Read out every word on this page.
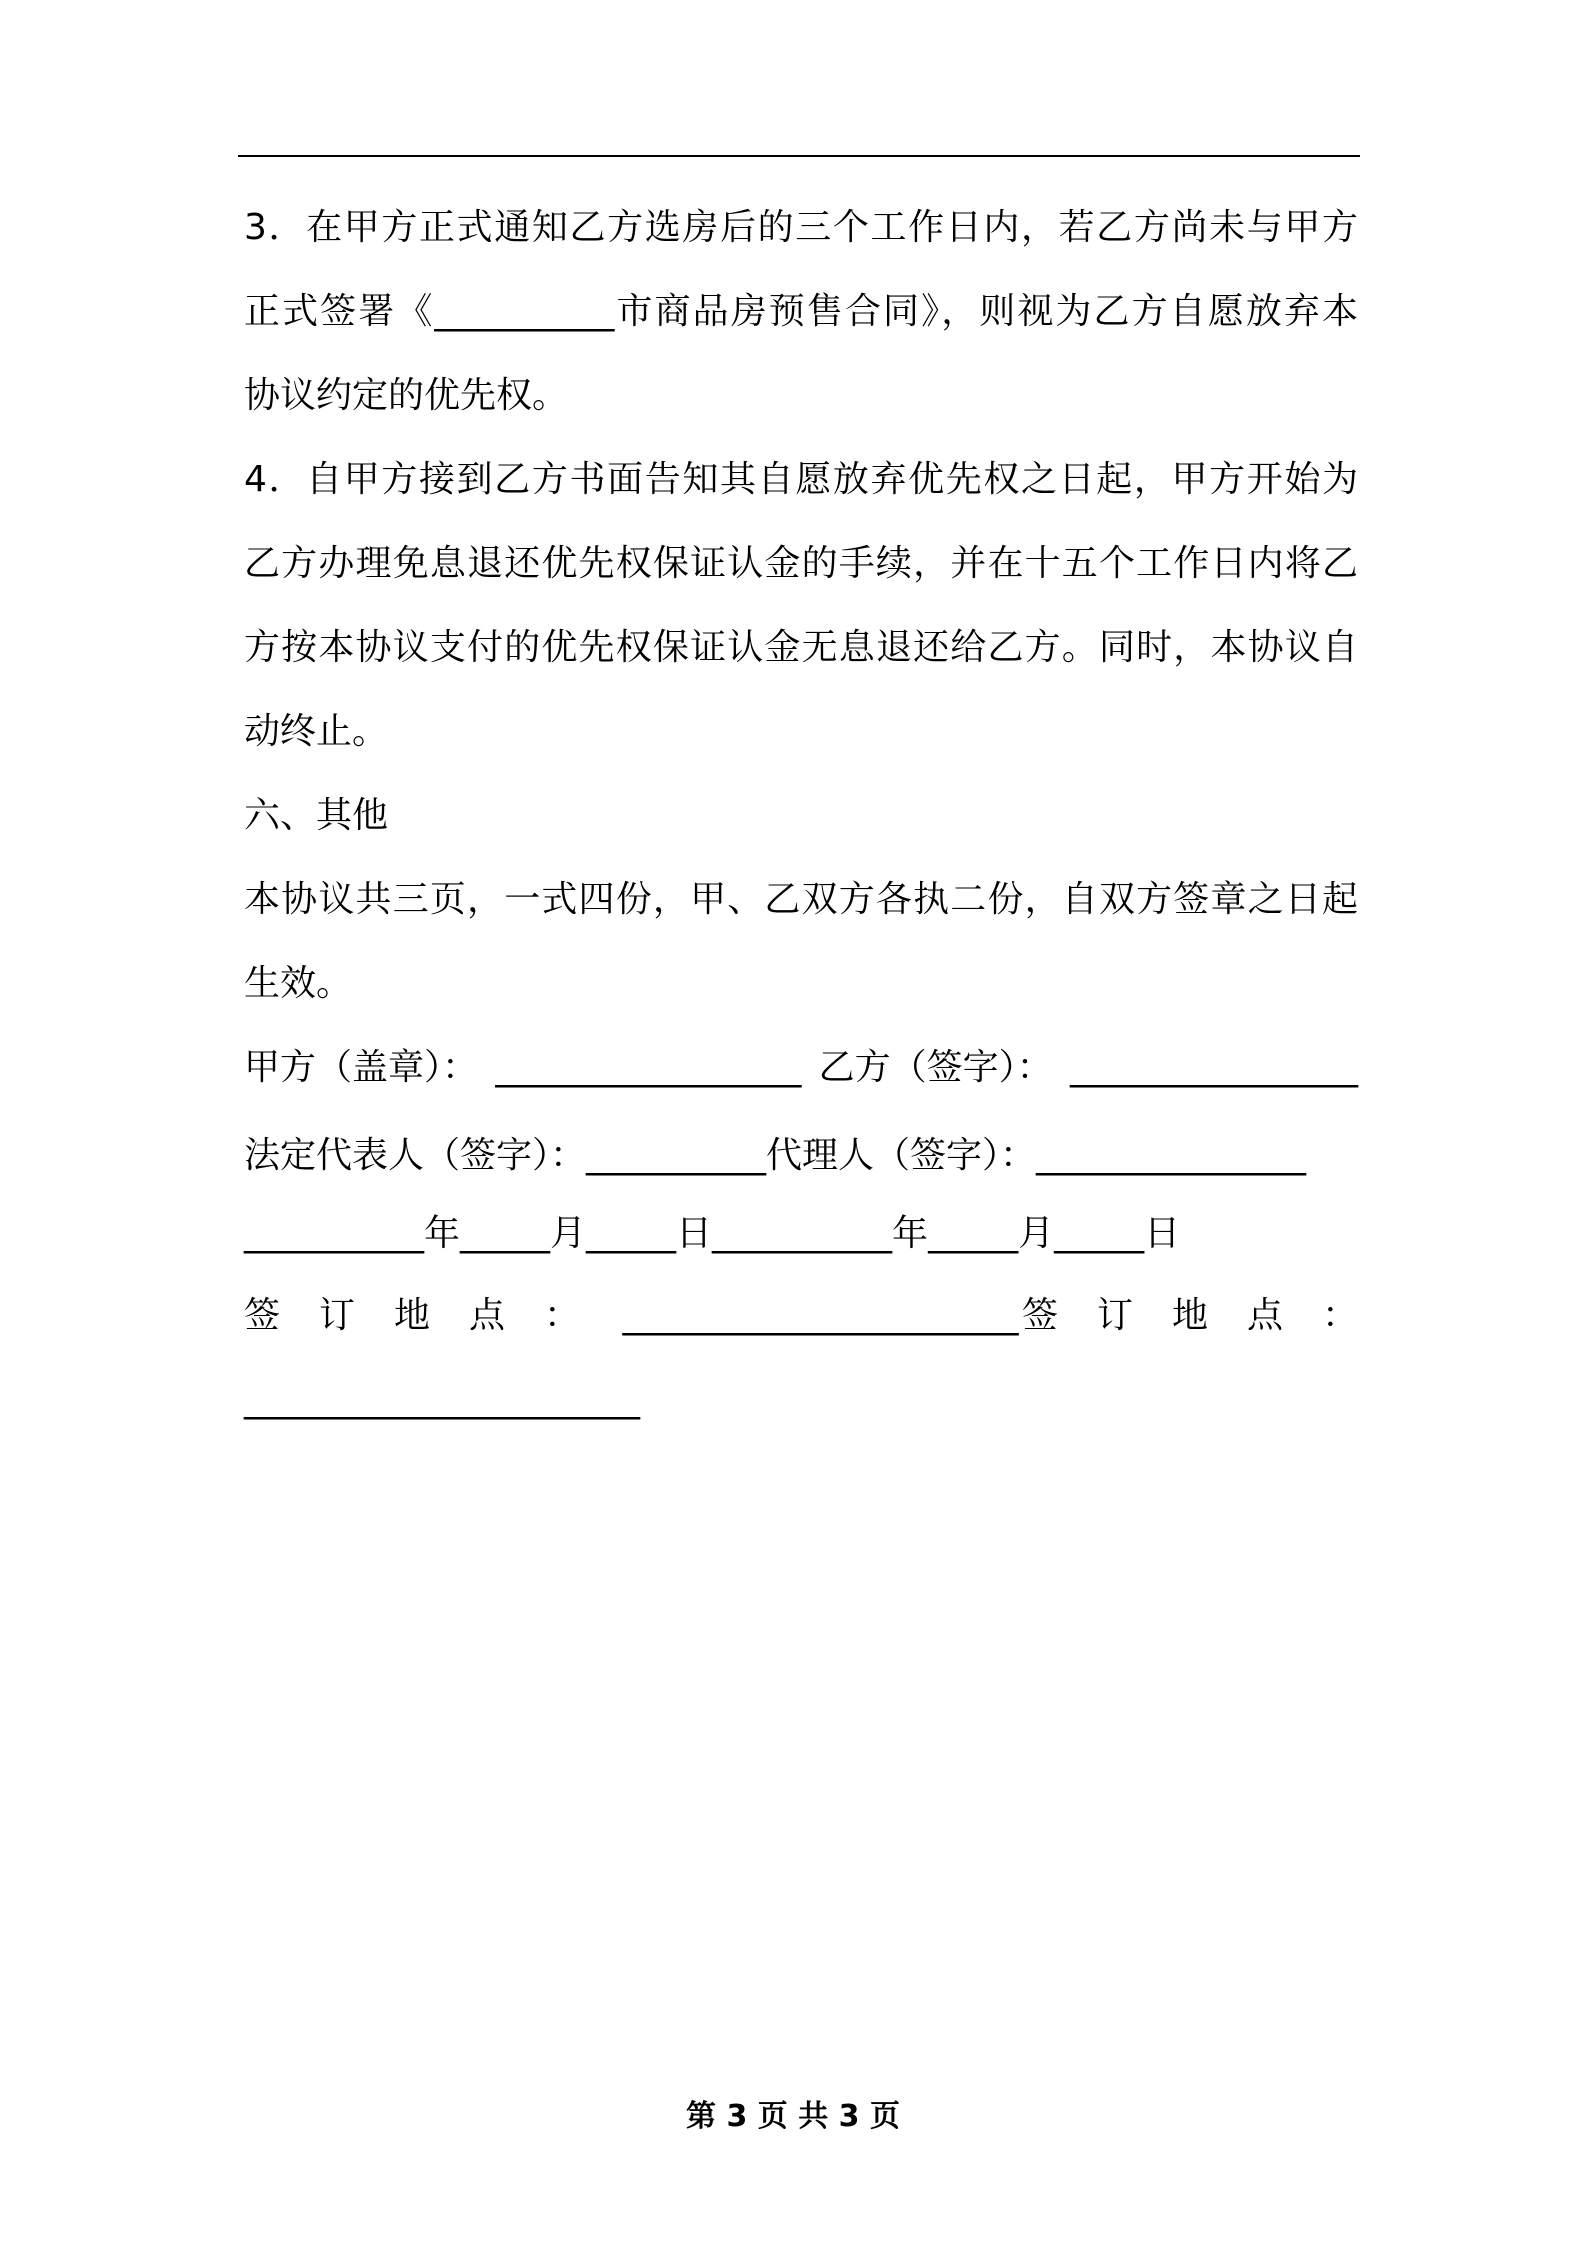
3．在甲方正式通知乙方选房后的三个工作日内，若乙方尚未与甲方
正式签署《__________市商品房预售合同》，则视为乙方自愿放弃本
协议约定的优先权。
4．自甲方接到乙方书面告知其自愿放弃优先权之日起，甲方开始为
乙方办理免息退还优先权保证认金的手续，并在十五个工作日内将乙
方按本协议支付的优先权保证认金无息退还给乙方。同时，本协议自
动终止。
六、其他
本协议共三页，一式四份，甲、乙双方各执二份，自双方签章之日起
生效。
甲方（盖章）： _________________ 乙方（签字）： ________________
法定代表人（签字）：__________代理人（签字）：_______________
__________年_____月_____日__________年_____月_____日
签订地点： ______________________ 签订地点：
______________________
第 3 页 共 3 页
